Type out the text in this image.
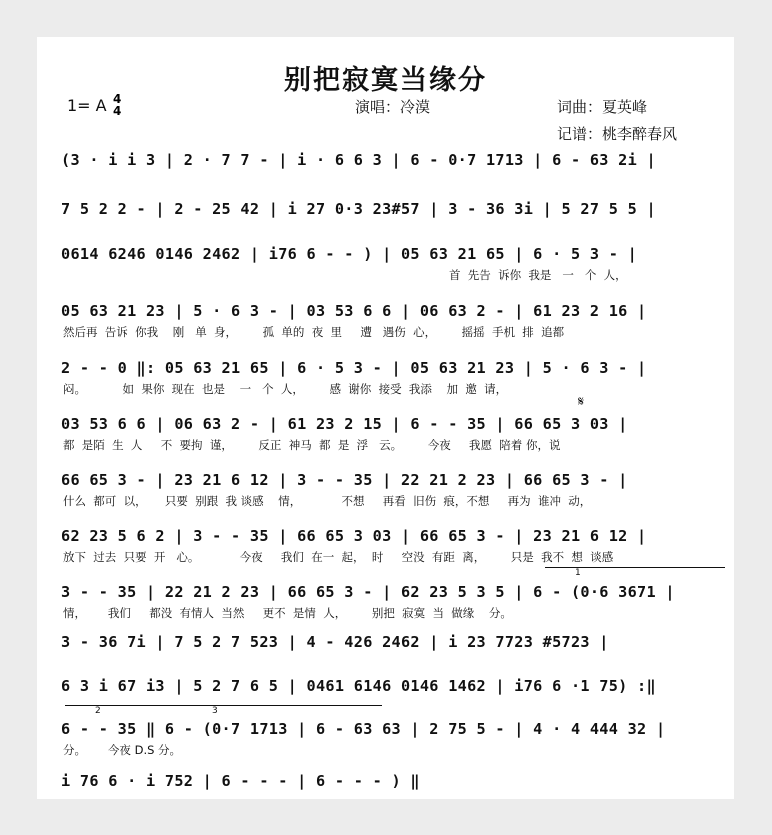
别把寂寞当缘分
1= A 4
4	演唱：冷漠	词曲：夏英峰
记谱：桃李醉春风
(3 · i i 3 | 2 · 7 7 - | i · 6 6 3 | 6 - 0·7 1713 | 6 - 63 2i |
7 5 2 2 - | 2 - 25 42 | i 27 0·3 23#57 | 3 - 36 3i | 5 27 5 5 |
0614 6246 0146 2462 | i76 6 - - ) | 05 63 21 65 | 6 · 5 3 - |
首  先告  诉你  我是   一   个  人，
05 63 21 23 | 5 · 6 3 - | 03 53 6 6 | 06 63 2 - | 61 23 2 16 |
然后再  告诉  你我    刚   单  身，       孤  单的  夜  里     遭   遇伤  心，       摇摇  手机  排  追都
2 - - 0 ‖: 05 63 21 65 | 6 · 5 3 - | 05 63 21 23 | 5 · 6 3 - |
闷。          如  果你  现在  也是    一   个  人，       感  谢你  接受  我添    加  邀  请，
𝄋
03 53 6 6 | 06 63 2 - | 61 23 2 15 | 6 - - 35 | 66 65 3 03 |
都  是陌  生  人     不  要拘  谨，       反正  神马  都  是  浮   云。       今夜     我愿  陪着 你，说
66 65 3 - | 23 21 6 12 | 3 - - 35 | 22 21 2 23 | 66 65 3 - |
什么  都可  以，     只要  别跟  我 谈感    情，           不想     再看  旧伤  痕，不想     再为  谁冲  动，
62 23 5 6 2 | 3 - - 35 | 66 65 3 03 | 66 65 3 - | 23 21 6 12 |
放下  过去  只要  开   心。           今夜     我们  在一  起，  时     空没  有距  离，       只是  我不  想  谈感
1
3 - - 35 | 22 21 2 23 | 66 65 3 - | 62 23 5 3 5 | 6 - (0·6 3671 |
情，      我们     都没  有情人  当然     更不  是情  人，       别把  寂寞  当  做缘    分。
3 - 36 7i | 7 5 2 7 523 | 4 - 426 2462 | i 23 7723 #5723 |
6 3 i 67 i3 | 5 2 7 6 5 | 0461 6146 0146 1462 | i76 6 ·1 75) :‖
2	3
6 - - 35 ‖ 6 - (0·7 1713 | 6 - 63 63 | 2 75 5 - | 4 · 4 444 32 |
分。      今夜 D.S 分。
i 76 6 · i 752 | 6 - - - | 6 - - - ) ‖
